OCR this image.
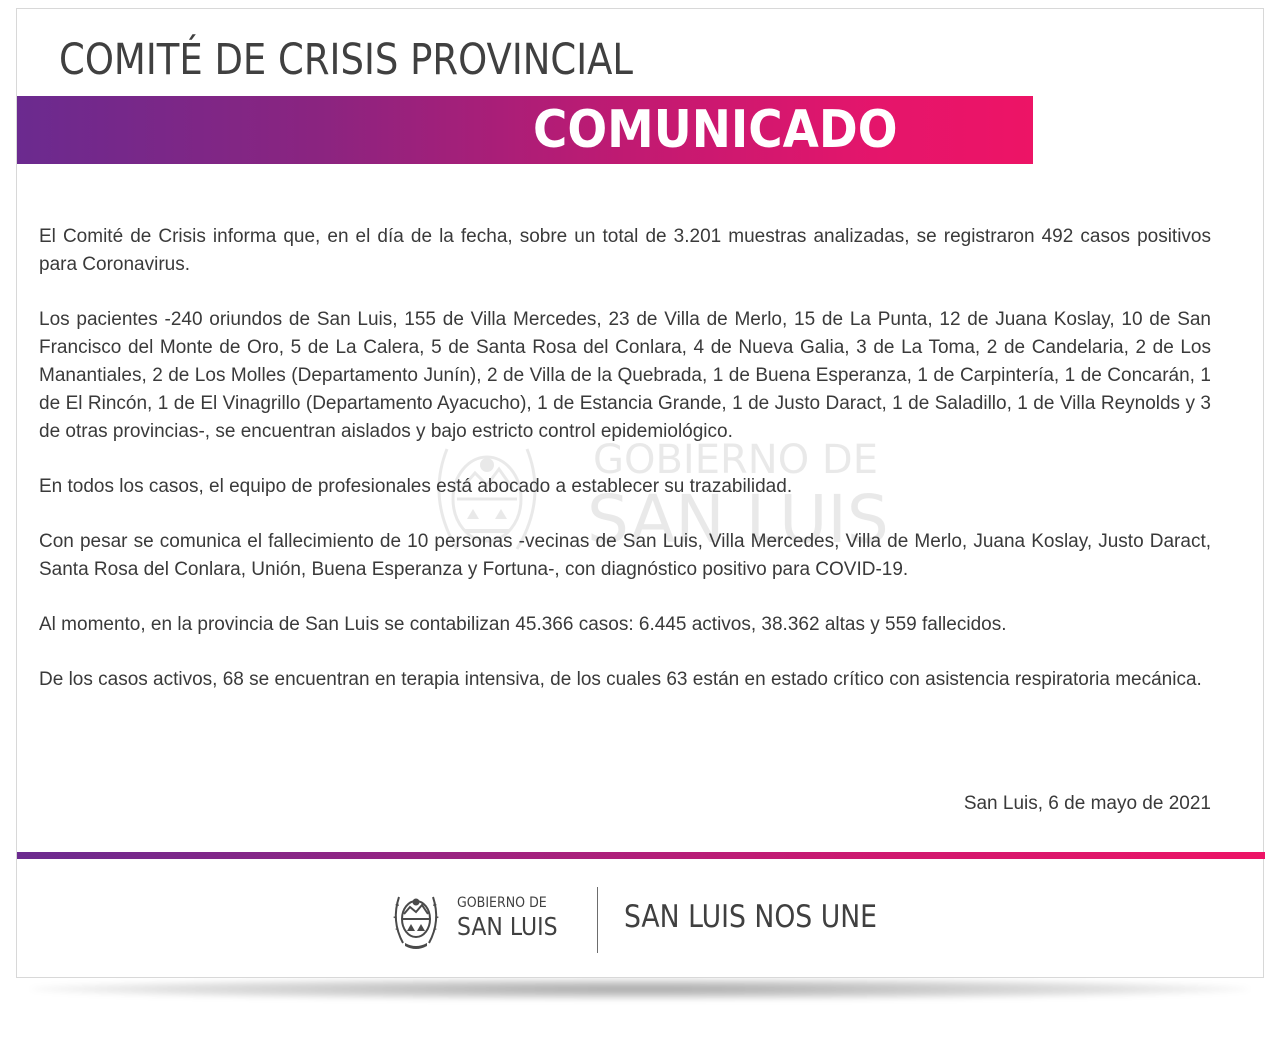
COMITÉ DE CRISIS PROVINCIAL
COMUNICADO
GOBIERNO DE
SAN LUIS

El Comité de Crisis informa que, en el día de la fecha, sobre un total de 3.201 muestras analizadas, se registraron 492 casos positivos para Coronavirus.

Los pacientes -240 oriundos de San Luis, 155 de Villa Mercedes, 23 de Villa de Merlo, 15 de La Punta, 12 de Juana Koslay, 10 de San Francisco del Monte de Oro, 5 de La Calera, 5 de Santa Rosa del Conlara, 4 de Nueva Galia, 3 de La Toma, 2 de Candelaria, 2 de Los Manantiales, 2 de Los Molles (Departamento Junín), 2 de Villa de la Quebrada, 1 de Buena Esperanza, 1 de Carpintería, 1 de Concarán, 1 de El Rincón, 1 de El Vinagrillo (Departamento Ayacucho), 1 de Estancia Grande, 1 de Justo Daract, 1 de Saladillo, 1 de Villa Reynolds y 3 de otras provincias-, se encuentran aislados y bajo estricto control epidemiológico.

En todos los casos, el equipo de profesionales está abocado a establecer su trazabilidad.

Con pesar se comunica el fallecimiento de 10 personas -vecinas de San Luis, Villa Mercedes, Villa de Merlo, Juana Koslay, Justo Daract, Santa Rosa del Conlara, Unión, Buena Esperanza y Fortuna-, con diagnóstico positivo para COVID-19.

Al momento, en la provincia de San Luis se contabilizan 45.366 casos: 6.445 activos, 38.362 altas y 559 fallecidos.

De los casos activos, 68 se encuentran en terapia intensiva, de los cuales 63 están en estado crítico con asistencia respiratoria mecánica.

San Luis, 6 de mayo de 2021
GOBIERNO DE
SAN LUIS SAN LUIS NOS UNE
